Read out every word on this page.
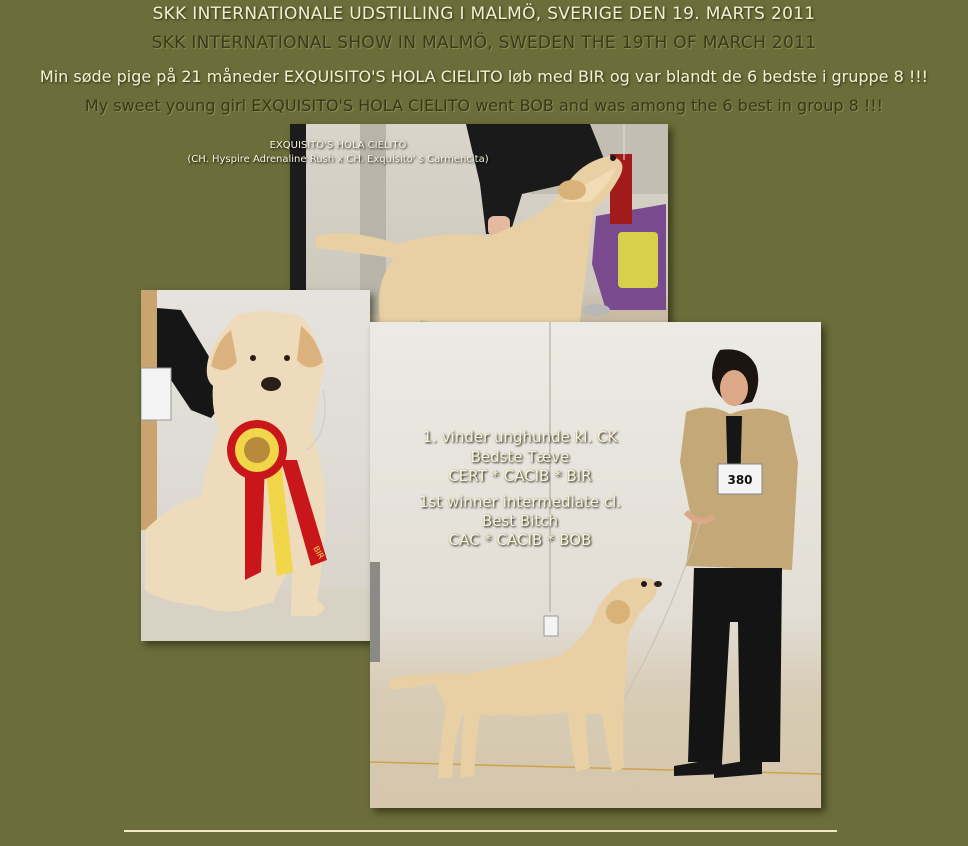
SKK INTERNATIONALE UDSTILLING I MALMÖ, SVERIGE DEN 19. MARTS 2011
SKK INTERNATIONAL SHOW IN MALMÖ, SWEDEN THE 19TH OF MARCH 2011
Min søde pige på 21 måneder EXQUISITO'S HOLA CIELITO løb med BIR og var blandt de 6 bedste i gruppe 8 !!!
My sweet young girl EXQUISITO'S HOLA CIELITO went BOB and was among the 6 best in group 8 !!!
EXQUISITO'S HOLA CIELITO
(CH. Hyspire Adrenaline Rush x CH. Exquisito' s Carmencita)
BIR
380
1. vinder unghunde kl. CK
Bedste Tæve
CERT * CACIB * BIR
1st winner intermediate cl.
Best Bitch
CAC * CACIB * BOB
